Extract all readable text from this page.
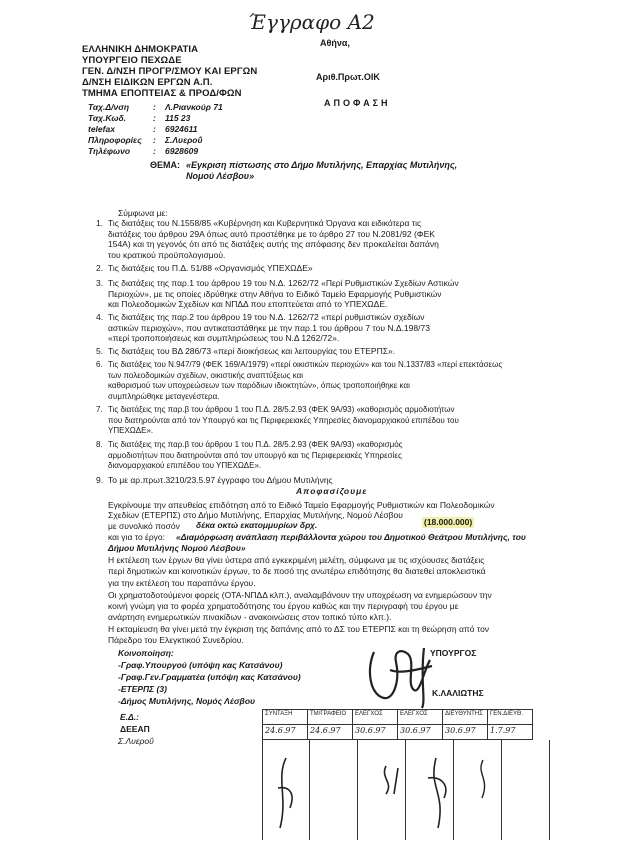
Έγγραφο Α2
ΕΛΛΗΝΙΚΗ ΔΗΜΟΚΡΑΤΙΑ
ΥΠΟΥΡΓΕΙΟ ΠΕΧΩΔΕ
ΓΕΝ. Δ/ΝΣΗ ΠΡΟΓΡ/ΣΜΟΥ ΚΑΙ ΕΡΓΩΝ
Δ/ΝΣΗ ΕΙΔΙΚΩΝ ΕΡΓΩΝ Α.Π.
ΤΜΗΜΑ ΕΠΟΠΤΕΙΑΣ & ΠΡΟΔ/ΦΩΝ
Ταχ.Δ/νση	: Λ.Ριανκούρ 71
Ταχ.Κωδ.	: 115 23
telefax	: 6924611
Πληροφορίες : Σ.Λυεροΰ
Τηλέφωνο	: 6928609
Αθήνα,
Αριθ.Πρωτ.ΟΙΚ
ΑΠΟΦΑΣΗ
ΘΕΜΑ: «Εγκριση πίστωσης στο Δήμο Μυτιλήνης, Επαρχίας Μυτιλήνης,
Νομού Λέσβου»
Σύμφωνα με:
1. Τις διατάξεις του Ν.1558/85 «Κυβέρνηση και Κυβερνητικά Όργανα και ειδικότερα τις
διατάξεις του άρθρου 29Α όπως αυτό προστέθηκε με το άρθρο 27 του Ν.2081/92 (ΦΕΚ
154Α) και τη γεγονός ότι από τις διατάξεις αυτής της απόφασης δεν προκαλείται δαπάνη
του κρατικού προϋπολογισμού.
2. Τις διατάξεις του Π.Δ. 51/88 «Οργανισμός ΥΠΕΧΩΔΕ»
3. Τις διατάξεις της παρ.1 του άρθρου 19 του Ν.Δ. 1262/72 «Περί Ρυθμιστικών Σχεδίων Αστικών
Περιοχών», με τις οποίες ιδρύθηκε στην Αθήνα το Ειδικό Ταμείο Εφαρμογής Ρυθμιστικών
και Πολεοδομικών Σχεδίων και ΝΠΔΔ που εποπτεύεται από το ΥΠΕΧΩΔΕ.
4. Τις διατάξεις της παρ.2 του άρθρου 19 του Ν.Δ. 1262/72 «περί ρυθμιστικών σχεδίων
αστικών περιοχών», που αντικαταστάθηκε με την παρ.1 του άρθρου 7 του Ν.Δ.198/73
«περί τροποποιήσεως και συμπληρώσεως του Ν.Δ 1262/72».
5. Τις διατάξεις του ΒΔ 286/73 «περί διοικήσεως και λειτουργίας του ΕΤΕΡΠΣ».
6. Τις διατάξεις του Ν.947/79 (ΦΕΚ 169/Α/1979) «περί οικιστικών περιοχών» και του Ν.1337/83 «περί επεκτάσεως των πολεοδομικών σχεδίων, οικιστικής αναπτύξεως και
καθορισμού των υποχρεώσεων των παρόδιων ιδιοκτητών», όπως τροποποιήθηκε και
συμπληρώθηκε μεταγενέστερα.
7. Τις διατάξεις της παρ.β του άρθρου 1 του Π.Δ. 28/5.2.93 (ΦΕΚ 9Α/93) «καθορισμός αρμοδιοτήτων
που διατηρούνται από τον Υπουργό και τις Περιφερειακές Υπηρεσίες διανομαρχιακού επιπέδου του
ΥΠΕΧΩΔΕ».
8. Τις διατάξεις της παρ.β του άρθρου 1 του Π.Δ. 28/5.2.93 (ΦΕΚ 9Α/93) «καθορισμός
αρμοδιοτήτων που διατηρούνται από τον υπουργό και τις Περιφερειακές Υπηρεσίες
διανομαρχιακού επιπέδου του ΥΠΕΧΩΔΕ».
9. Το με αρ.πρωτ.3210/23.5.97 έγγραφο του Δήμου Μυτιλήνης
Αποφασίζουμε
Εγκρίνουμε την απευθείας επιδότηση από το Ειδικό Ταμείο Εφαρμογής Ρυθμιστικών και Πολεοδομικών
Σχεδίων (ΕΤΕΡΠΣ) στο Δήμο Μυτιλήνης, Επαρχίας Μυτιλήνης, Νομού Λέσβου
με συνολικό ποσόν δέκα οκτώ εκατομμυρίων δρχ.	(18.000.000)
και για το έργο: «Διαμόρφωση ανάπλαση περιβάλλοντα χώρου του Δημοτικού Θεάτρου Μυτιλήνης, του
Δήμου Μυτιλήνης Νομού Λέσβου»
Η εκτέλεση των έργων θα γίνει ύστερα από εγκεκριμένη μελέτη, σύμφωνα με τις ισχύουσες διατάξεις
περί δημοτικών και κοινοτικών έργων, το δε ποσό της ανωτέρω επιδότησης θα διατεθεί αποκλειστικά
για την εκτέλεση του παραπάνω έργου.
Οι χρηματοδοτούμενοι φορείς (ΟΤΑ-ΝΠΔΔ κλπ.), αναλαμβάνουν την υποχρέωση να ενημερώσουν την
κοινή γνώμη για το φορέα χρηματοδότησης του έργου καθώς και την περιγραφή του έργου με
ανάρτηση ενημερωτικών πινακίδων - ανακοινώσεις στον τοπικό τύπο κλπ.).
Η εκταμίευση θα γίνει μετά την έγκριση της δαπάνης από το ΔΣ του ΕΤΕΡΠΣ και τη θεώρηση από τον
Πάρεδρο του Ελεγκτικού Συνεδρίου.
Κοινοποίηση:
-Γραφ.Υπουργού (υπόψη κας Κατσάνου)
-Γραφ.Γεν.Γραμματέα (υπόψη κας Κατσάνου)
-ΕΤΕΡΠΣ (3)
-Δήμος Μυτιλήνης, Νομός Λέσβου
Ε.Δ.:
ΔΕΕΑΠ
Σ.Λυεροΰ
ΥΠΟΥΡΓΟΣ
Κ.ΛΑΛΙΩΤΗΣ
ΣΥΝΤΑΞΗ	ΤΜ/ΓΡΑΦΕΙΟ	ΕΛΕΓΧΟΣ	ΕΛΕΓΧΟΣ	ΔΙΕΥΘΥΝΤΗΣ	ΓΕΝ.ΔΙΕΥΘ.
24.6.97	24.6.97	30.6.97	30.6.97	30.6.97	1.7.97
